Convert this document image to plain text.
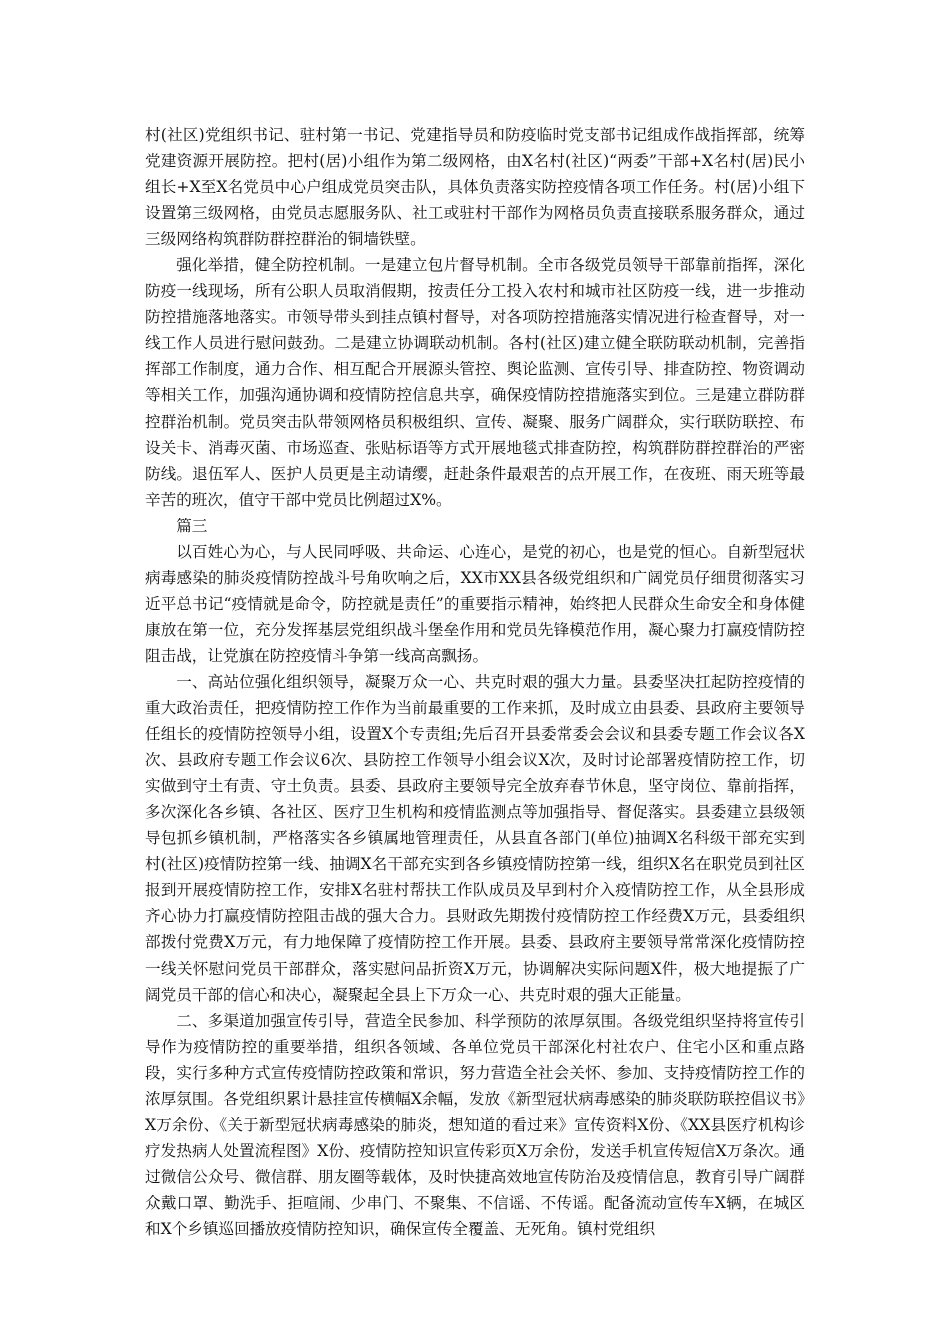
村(社区)党组织书记、驻村第一书记、党建指导员和防疫临时党支部书记组成作战指挥部，统筹党建资源开展防控。把村(居)小组作为第二级网格，由X名村(社区)“两委”干部+X名村(居)民小组长+X至X名党员中心户组成党员突击队，具体负责落实防控疫情各项工作任务。村(居)小组下设置第三级网格，由党员志愿服务队、社工或驻村干部作为网格员负责直接联系服务群众，通过三级网络构筑群防群控群治的铜墙铁壁。

强化举措，健全防控机制。一是建立包片督导机制。全市各级党员领导干部靠前指挥，深化防疫一线现场，所有公职人员取消假期，按责任分工投入农村和城市社区防疫一线，进一步推动防控措施落地落实。市领导带头到挂点镇村督导，对各项防控措施落实情况进行检查督导，对一线工作人员进行慰问鼓劲。二是建立协调联动机制。各村(社区)建立健全联防联动机制，完善指挥部工作制度，通力合作、相互配合开展源头管控、舆论监测、宣传引导、排查防控、物资调动等相关工作，加强沟通协调和疫情防控信息共享，确保疫情防控措施落实到位。三是建立群防群控群治机制。党员突击队带领网格员积极组织、宣传、凝聚、服务广阔群众，实行联防联控、布设关卡、消毒灭菌、市场巡查、张贴标语等方式开展地毯式排查防控，构筑群防群控群治的严密防线。退伍军人、医护人员更是主动请缨，赶赴条件最艰苦的点开展工作，在夜班、雨天班等最辛苦的班次，值守干部中党员比例超过X%。

篇三

以百姓心为心，与人民同呼吸、共命运、心连心，是党的初心，也是党的恒心。自新型冠状病毒感染的肺炎疫情防控战斗号角吹响之后，XX市XX县各级党组织和广阔党员仔细贯彻落实习近平总书记“疫情就是命令，防控就是责任”的重要指示精神，始终把人民群众生命安全和身体健康放在第一位，充分发挥基层党组织战斗堡垒作用和党员先锋模范作用，凝心聚力打赢疫情防控阻击战，让党旗在防控疫情斗争第一线高高飘扬。

一、高站位强化组织领导，凝聚万众一心、共克时艰的强大力量。县委坚决扛起防控疫情的重大政治责任，把疫情防控工作作为当前最重要的工作来抓，及时成立由县委、县政府主要领导任组长的疫情防控领导小组，设置X个专责组;先后召开县委常委会会议和县委专题工作会议各X次、县政府专题工作会议6次、县防控工作领导小组会议X次，及时讨论部署疫情防控工作，切实做到守土有责、守土负责。县委、县政府主要领导完全放弃春节休息，坚守岗位、靠前指挥，多次深化各乡镇、各社区、医疗卫生机构和疫情监测点等加强指导、督促落实。县委建立县级领导包抓乡镇机制，严格落实各乡镇属地管理责任，从县直各部门(单位)抽调X名科级干部充实到村(社区)疫情防控第一线、抽调X名干部充实到各乡镇疫情防控第一线，组织X名在职党员到社区报到开展疫情防控工作，安排X名驻村帮扶工作队成员及早到村介入疫情防控工作，从全县形成齐心协力打赢疫情防控阻击战的强大合力。县财政先期拨付疫情防控工作经费X万元，县委组织部拨付党费X万元，有力地保障了疫情防控工作开展。县委、县政府主要领导常常深化疫情防控一线关怀慰问党员干部群众，落实慰问品折资X万元，协调解决实际问题X件，极大地提振了广阔党员干部的信心和决心，凝聚起全县上下万众一心、共克时艰的强大正能量。

二、多渠道加强宣传引导，营造全民参加、科学预防的浓厚氛围。各级党组织坚持将宣传引导作为疫情防控的重要举措，组织各领域、各单位党员干部深化村社农户、住宅小区和重点路段，实行多种方式宣传疫情防控政策和常识，努力营造全社会关怀、参加、支持疫情防控工作的浓厚氛围。各党组织累计悬挂宣传横幅X余幅，发放《新型冠状病毒感染的肺炎联防联控倡议书》X万余份、《关于新型冠状病毒感染的肺炎，想知道的看过来》宣传资料X份、《XX县医疗机构诊疗发热病人处置流程图》X份、疫情防控知识宣传彩页X万余份，发送手机宣传短信X万条次。通过微信公众号、微信群、朋友圈等载体，及时快捷高效地宣传防治及疫情信息，教育引导广阔群众戴口罩、勤洗手、拒喧闹、少串门、不聚集、不信谣、不传谣。配备流动宣传车X辆，在城区和X个乡镇巡回播放疫情防控知识，确保宣传全覆盖、无死角。镇村党组织
